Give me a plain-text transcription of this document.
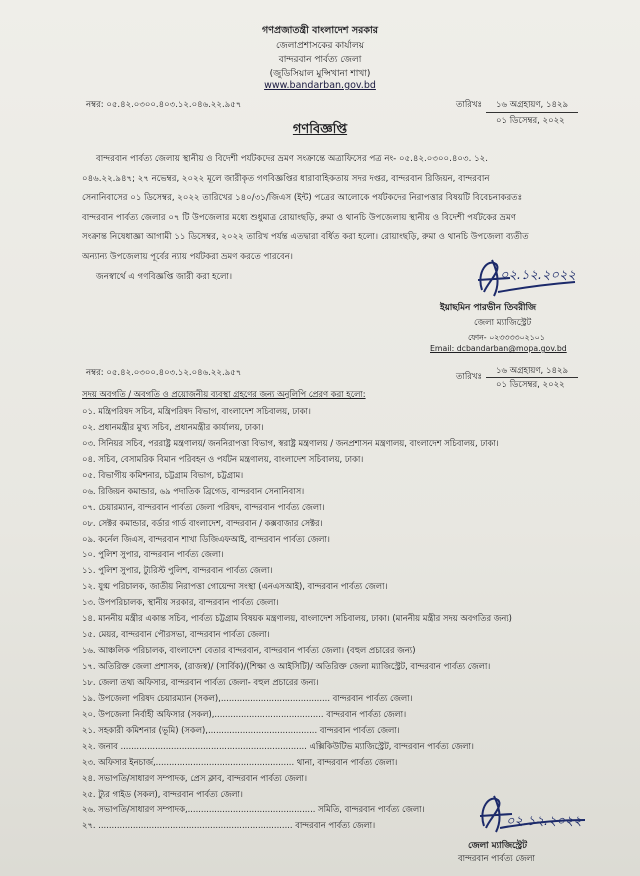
গণপ্রজাতন্ত্রী বাংলাদেশ সরকার
জেলাপ্রশাসকের কার্যালয়
বান্দরবান পার্বত্য জেলা
(জুডিসিয়াল মুন্সিখানা শাখা)
www.bandarban.gov.bd
নম্বর: ০৫.৪২.০৩০০.৪০৩.১২.০৪৬.২২.৯৫৭	তারিখঃ ১৬ অগ্রহায়ণ, ১৪২৯
০১ ডিসেম্বর, ২০২২
গণবিজ্ঞপ্তি
বান্দরবান পার্বত্য জেলায় স্থানীয় ও বিদেশী পর্যটকদের ভ্রমণ সংক্রান্তে অত্রাফিসের পত্র নং- ০৫.৪২.০৩০০.৪০৩. ১২.
০৪৬.২২.৯৪৭; ২৭ নভেম্বর, ২০২২ মূলে জারীকৃত গণবিজ্ঞপ্তির ধারাবাহিকতায় সদর দপ্তর, বান্দরবান রিজিয়ন, বান্দরবান
সেনানিবাসের ০১ ডিসেম্বর, ২০২২ তারিখের ১৪০/৩১/জিএস (ইন্ট) পত্রের আলোকে পর্যটকদের নিরাপত্তার বিষয়টি বিবেচনাকরতঃ
বান্দরবান পার্বত্য জেলার ০৭ টি উপজেলার মধ্যে শুধুমাত্র রোয়াংছড়ি, রুমা ও থানচি উপজেলায় স্থানীয় ও বিদেশী পর্যটকের ভ্রমণ
সংক্রান্ত নিষেধাজ্ঞা আগামী ১১ ডিসেম্বর, ২০২২ তারিখ পর্যন্ত এতদ্বারা বর্ধিত করা হলো। রোয়াংছড়ি, রুমা ও থানচি উপজেলা ব্যতীত
অন্যান্য উপজেলায় পূর্বের ন্যায় পর্যটকরা ভ্রমণ করতে পারবেন।
জনস্বার্থে এ গণবিজ্ঞপ্তি জারী করা হলো।	০২.১২.২০২২
ইয়াছমিন পারভীন তিবরীজি
জেলা ম্যাজিস্ট্রেট
ফোন- ০২৩৩৩৩০২১০১
Email: dcbandarban@mopa.gov.bd
নম্বর: ০৫.৪২.০৩০০.৪০৩.১২.০৪৬.২২.৯৫৭	তারিখঃ
১৬ অগ্রহায়ণ, ১৪২৯
০১ ডিসেম্বর, ২০২২
সদয় অবগতি / অবগতি ও প্রয়োজনীয় ব্যবস্থা গ্রহণের জন্য অনুলিপি প্রেরণ করা হলো:
০১. মন্ত্রিপরিষদ সচিব, মন্ত্রিপরিষদ বিভাগ, বাংলাদেশ সচিবালয়, ঢাকা।
০২. প্রধানমন্ত্রীর মুখ্য সচিব, প্রধানমন্ত্রীর কার্যালয়, ঢাকা।
০৩. সিনিয়র সচিব, পররাষ্ট্র মন্ত্রণালয়/ জননিরাপত্তা বিভাগ, স্বরাষ্ট্র মন্ত্রণালয় / জনপ্রশাসন মন্ত্রণালয়, বাংলাদেশ সচিবালয়, ঢাকা।
০৪. সচিব, বেসামরিক বিমান পরিবহন ও পর্যটন মন্ত্রণালয়, বাংলাদেশ সচিবালয়, ঢাকা।
০৫. বিভাগীয় কমিশনার, চট্টগ্রাম বিভাগ, চট্টগ্রাম।
০৬. রিজিয়ন কমান্ডার, ৬৯ পদাতিক ব্রিগেড, বান্দরবান সেনানিবাস।
০৭. চেয়ারম্যান, বান্দরবান পার্বত্য জেলা পরিষদ, বান্দরবান পার্বত্য জেলা।
০৮. সেক্টর কমান্ডার, বর্ডার গার্ড বাংলাদেশ, বান্দরবান / কক্সবাজার সেক্টর।
০৯. কর্নেল জিএস, বান্দরবান শাখা ডিজিএফআই, বান্দরবান পার্বত্য জেলা।
১০. পুলিশ সুপার, বান্দরবান পার্বত্য জেলা।
১১. পুলিশ সুপার, ট্যুরিস্ট পুলিশ, বান্দরবান পার্বত্য জেলা।
১২. যুগ্ম পরিচালক, জাতীয় নিরাপত্তা গোয়েন্দা সংস্থা (এনএসআই), বান্দরবান পার্বত্য জেলা।
১৩. উপপরিচালক, স্থানীয় সরকার, বান্দরবান পার্বত্য জেলা।
১৪. মাননীয় মন্ত্রীর একান্ত সচিব, পার্বত্য চট্টগ্রাম বিষয়ক মন্ত্রণালয়, বাংলাদেশ সচিবালয়, ঢাকা। (মাননীয় মন্ত্রীর সদয় অবগতির জন্য)
১৫. মেয়র, বান্দরবান পৌরসভা, বান্দরবান পার্বত্য জেলা।
১৬. আঞ্চলিক পরিচালক, বাংলাদেশ বেতার বান্দরবান, বান্দরবান পার্বত্য জেলা। (বহুল প্রচারের জন্য)
১৭. অতিরিক্ত জেলা প্রশাসক, (রাজস্ব)/ (সার্বিক)/(শিক্ষা ও আইসিটি)/ অতিরিক্ত জেলা ম্যাজিস্ট্রেট, বান্দরবান পার্বত্য জেলা।
১৮. জেলা তথ্য অফিসার, বান্দরবান পার্বত্য জেলা- বহুল প্রচারের জন্য।
১৯. উপজেলা পরিষদ চেয়ারম্যান (সকল),......................................... বান্দরবান পার্বত্য জেলা।
২০. উপজেলা নির্বাহী অফিসার (সকল),......................................... বান্দরবান পার্বত্য জেলা।
২১. সহকারী কমিশনার (ভূমি) (সকল),......................................... বান্দরবান পার্বত্য জেলা।
২২. জনাব ...................................................................... এক্সিকিউটিভ ম্যাজিস্ট্রেট, বান্দরবান পার্বত্য জেলা।
২৩. অফিসার ইনচার্জ,.................................................... থানা, বান্দরবান পার্বত্য জেলা।
২৪. সভাপতি/সাধারণ সম্পাদক, প্রেস ক্লাব, বান্দরবান পার্বত্য জেলা।
২৫. ট্যুর গাইড (সকল), বান্দরবান পার্বত্য জেলা।
২৬. সভাপতি/সাধারণ সম্পাদক,................................................ সমিতি, বান্দরবান পার্বত্য জেলা।
২৭. ......................................................................... বান্দরবান পার্বত্য জেলা।	০২.১২.২০২২
জেলা ম্যাজিস্ট্রেট
বান্দরবান পার্বত্য জেলা
